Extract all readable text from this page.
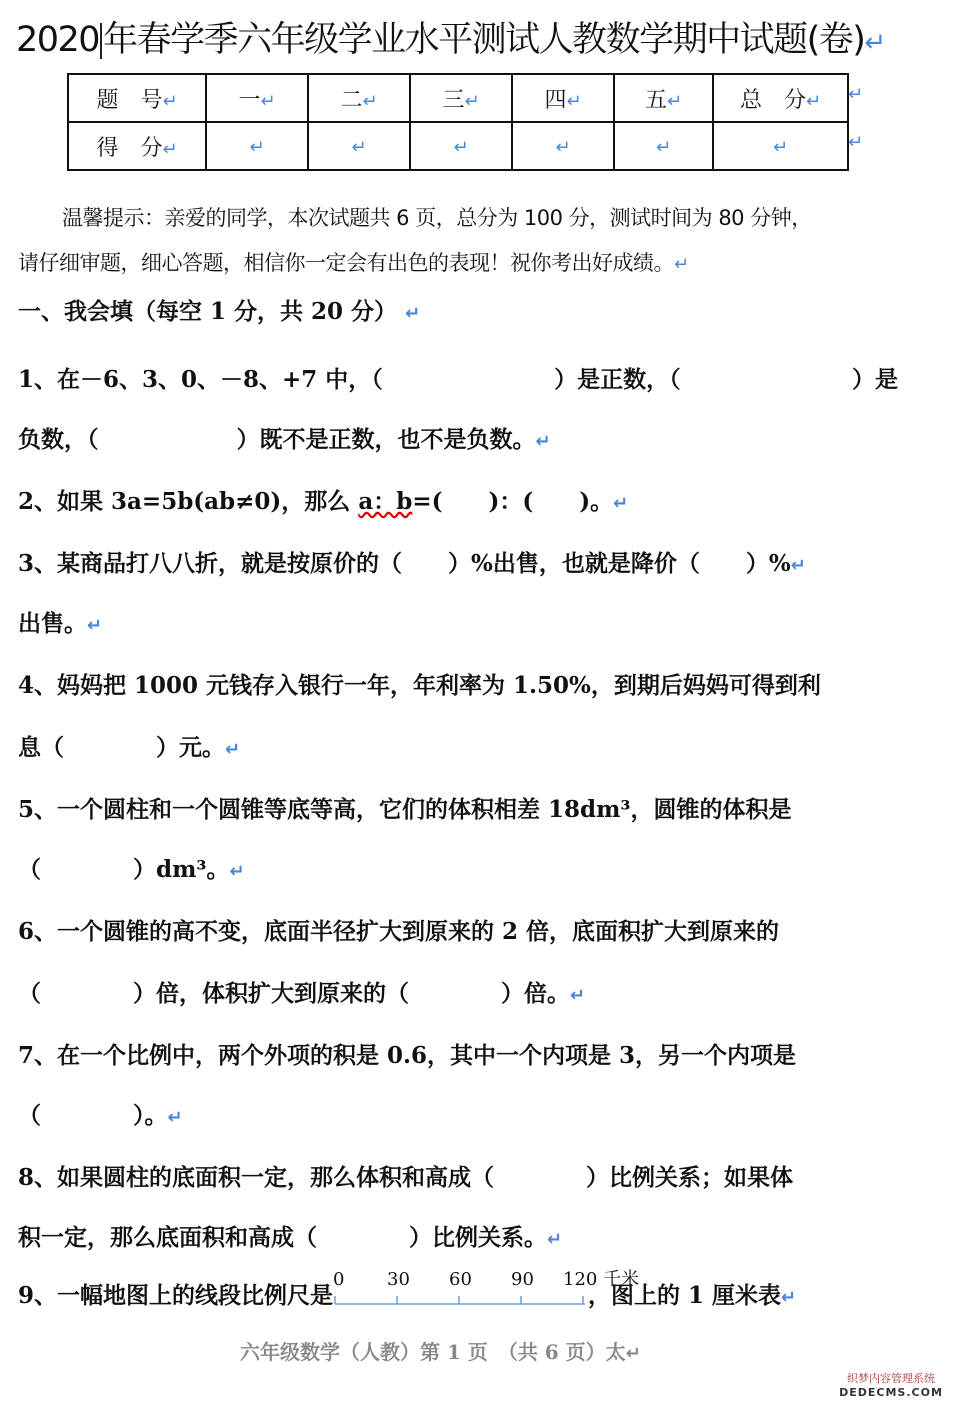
2020 年春学季六年级学业水平测试人教数学期中试题(卷)↵
题　号↵	一↵	二↵	三↵	四↵	五↵	总　分↵
得　分↵	↵	↵	↵	↵	↵	↵
↵
↵
温馨提示：亲爱的同学，本次试题共 6 页，总分为 100 分，测试时间为 80 分钟，
请仔细审题，细心答题，相信你一定会有出色的表现！祝你考出好成绩。↵
一、我会填（每空 1 分，共 20 分） ↵
1、在－6、3、0、－8、+7 中，（	）是正数，（	）是
负数，（　　　　　　）既不是正数，也不是负数。↵
2、如果 3a=5b(ab≠0)，那么 a：b=(　　)：(　　)。↵
3、某商品打八八折，就是按原价的（　　）%出售，也就是降价（　　）%↵
出售。↵
4、妈妈把 1000 元钱存入银行一年，年利率为 1.50%，到期后妈妈可得到利
息（　　　　）元。↵
5、一个圆柱和一个圆锥等底等高，它们的体积相差 18dm³，圆锥的体积是
（　　　　）dm³。↵
6、一个圆锥的高不变，底面半径扩大到原来的 2 倍，底面积扩大到原来的
（　　　　）倍，体积扩大到原来的（　　　　）倍。↵
7、在一个比例中，两个外项的积是 0.6，其中一个内项是 3，另一个内项是
（　　　　）。↵
8、如果圆柱的底面积一定，那么体积和高成（　　　　）比例关系；如果体
积一定，那么底面积和高成（　　　　）比例关系。↵
9、一幅地图上的线段比例尺是
0 30 60 90 120 千米
，图上的 1 厘米表↵
六年级数学（人教）第 1 页　（共 6 页）太↵
织梦内容管理系统
DEDECMS.COM
